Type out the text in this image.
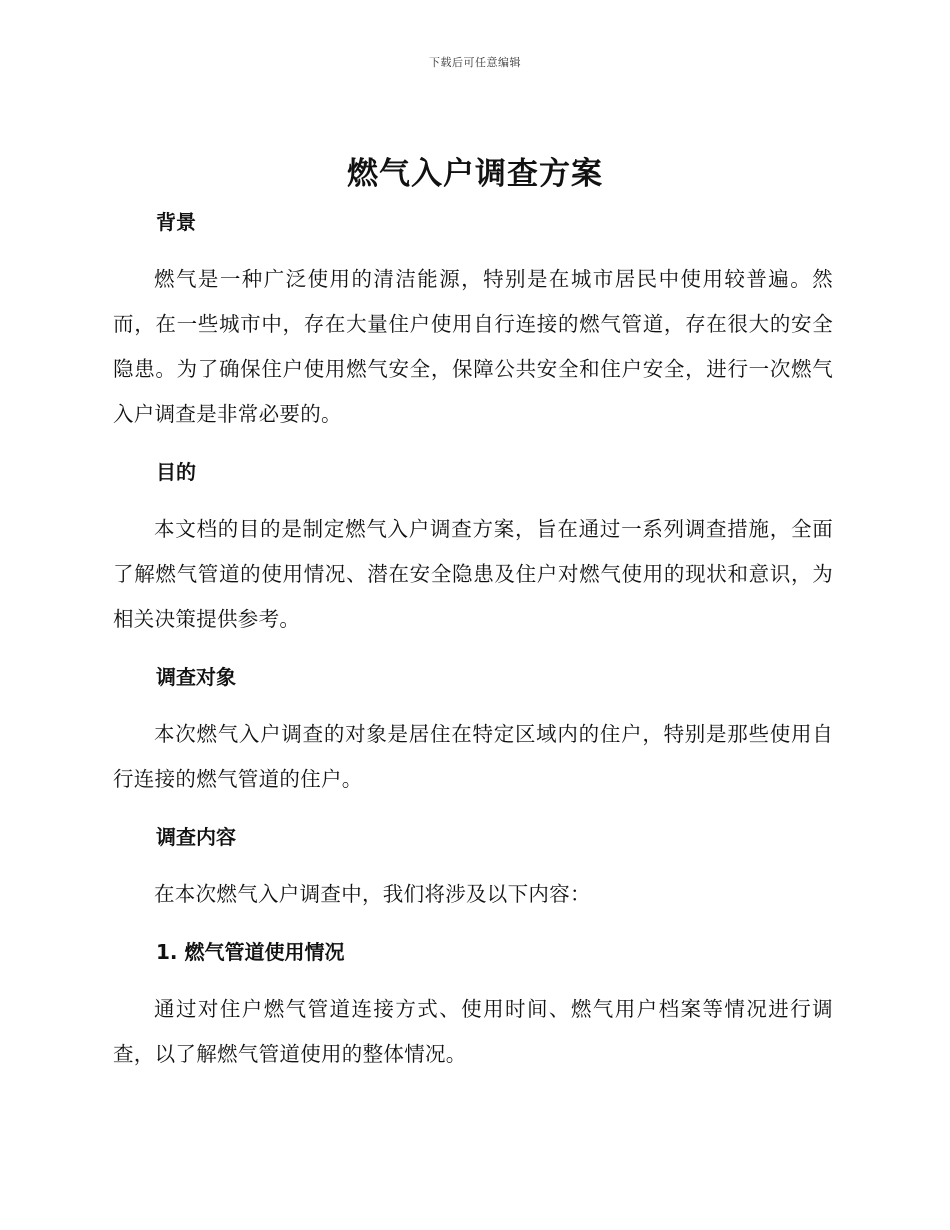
下载后可任意编辑
燃气入户调查方案
背景

燃气是一种广泛使用的清洁能源，特别是在城市居民中使用较普遍。然而，在一些城市中，存在大量住户使用自行连接的燃气管道，存在很大的安全隐患。为了确保住户使用燃气安全，保障公共安全和住户安全，进行一次燃气入户调查是非常必要的。

目的

本文档的目的是制定燃气入户调查方案，旨在通过一系列调查措施，全面了解燃气管道的使用情况、潜在安全隐患及住户对燃气使用的现状和意识，为相关决策提供参考。

调查对象

本次燃气入户调查的对象是居住在特定区域内的住户，特别是那些使用自行连接的燃气管道的住户。

调查内容

在本次燃气入户调查中，我们将涉及以下内容：

1. 燃气管道使用情况

通过对住户燃气管道连接方式、使用时间、燃气用户档案等情况进行调查，以了解燃气管道使用的整体情况。
